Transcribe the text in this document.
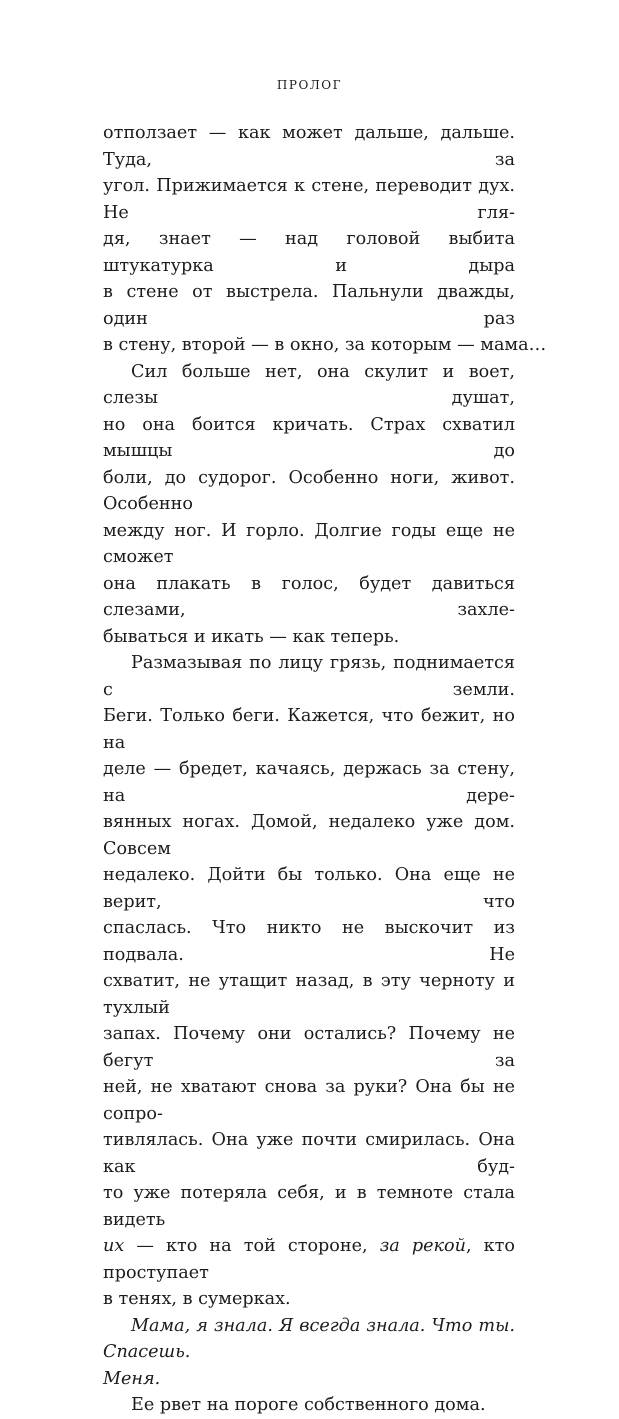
ПРОЛОГ
отползает — как может дальше, дальше. Туда, за
угол. Прижимается к стене, переводит дух. Не гля-
дя, знает — над головой выбита штукатурка и дыра
в стене от выстрела. Пальнули дважды, один раз
в стену, второй — в окно, за которым — мама…
Сил больше нет, она скулит и воет, слезы душат,
но она боится кричать. Страх схватил мышцы до
боли, до судорог. Особенно ноги, живот. Особенно
между ног. И горло. Долгие годы еще не сможет
она плакать в голос, будет давиться слезами, захле-
бываться и икать — как теперь.
Размазывая по лицу грязь, поднимается с земли.
Беги. Только беги. Кажется, что бежит, но на
деле — бредет, качаясь, держась за стену, на дере-
вянных ногах. Домой, недалеко уже дом. Совсем
недалеко. Дойти бы только. Она еще не верит, что
спаслась. Что никто не выскочит из подвала. Не
схватит, не утащит назад, в эту черноту и тухлый
запах. Почему они остались? Почему не бегут за
ней, не хватают снова за руки? Она бы не сопро-
тивлялась. Она уже почти смирилась. Она как буд-
то уже потеряла себя, и в темноте стала видеть
их — кто на той стороне, за рекой, кто проступает
в тенях, в сумерках.
Мама, я знала. Я всегда знала. Что ты. Спасешь.
Меня.
Ее рвет на пороге собственного дома.
